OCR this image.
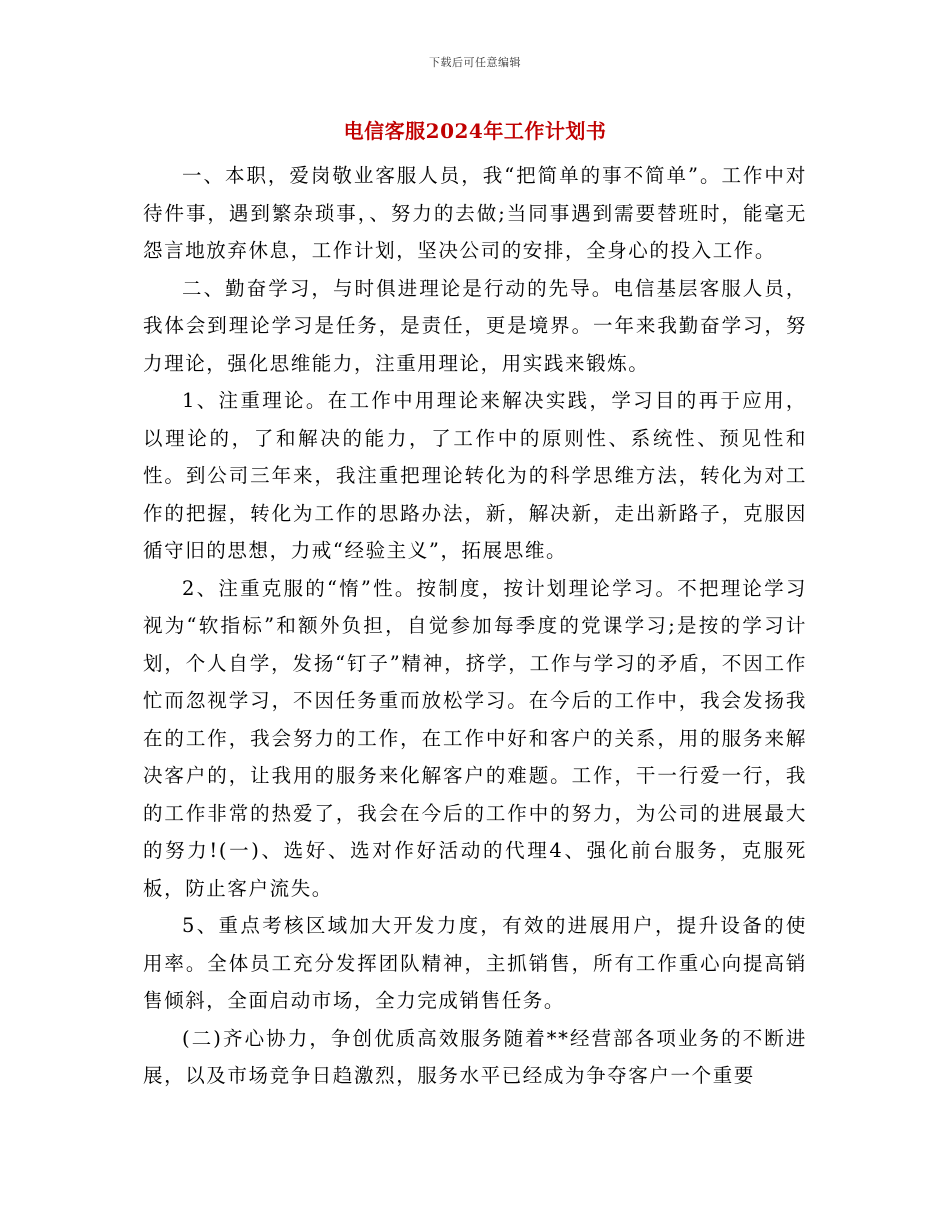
下载后可任意编辑
电信客服2024年工作计划书

一、本职，爱岗敬业客服人员，我“把简单的事不简单”。工作中对待件事，遇到繁杂琐事，、努力的去做;当同事遇到需要替班时，能毫无怨言地放弃休息，工作计划，坚决公司的安排，全身心的投入工作。

二、勤奋学习，与时俱进理论是行动的先导。电信基层客服人员，我体会到理论学习是任务，是责任，更是境界。一年来我勤奋学习，努力理论，强化思维能力，注重用理论，用实践来锻炼。

1、注重理论。在工作中用理论来解决实践，学习目的再于应用，以理论的，了和解决的能力，了工作中的原则性、系统性、预见性和性。到公司三年来，我注重把理论转化为的科学思维方法，转化为对工作的把握，转化为工作的思路办法，新，解决新，走出新路子，克服因循守旧的思想，力戒“经验主义”，拓展思维。

2、注重克服的“惰”性。按制度，按计划理论学习。不把理论学习视为“软指标”和额外负担，自觉参加每季度的党课学习;是按的学习计划，个人自学，发扬“钉子”精神，挤学，工作与学习的矛盾，不因工作忙而忽视学习，不因任务重而放松学习。在今后的工作中，我会发扬我在的工作，我会努力的工作，在工作中好和客户的关系，用的服务来解决客户的，让我用的服务来化解客户的难题。工作，干一行爱一行，我的工作非常的热爱了，我会在今后的工作中的努力，为公司的进展最大的努力!(一)、选好、选对作好活动的代理4、强化前台服务，克服死板，防止客户流失。

5、重点考核区域加大开发力度，有效的进展用户，提升设备的使用率。全体员工充分发挥团队精神，主抓销售，所有工作重心向提高销售倾斜，全面启动市场，全力完成销售任务。

(二)齐心协力，争创优质高效服务随着**经营部各项业务的不断进展，以及市场竞争日趋激烈，服务水平已经成为争夺客户一个重要
